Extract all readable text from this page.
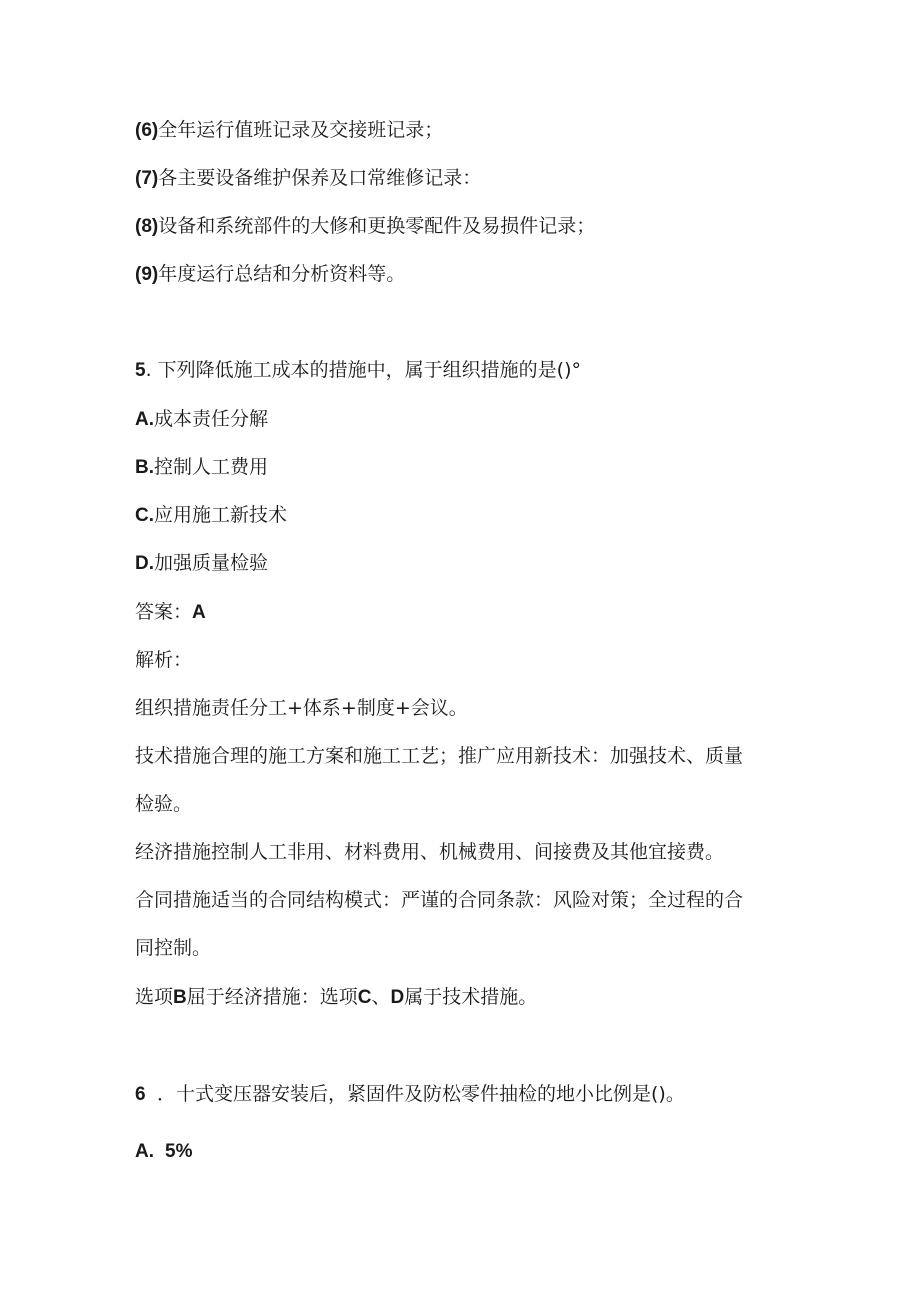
(6)全年运行值班记录及交接班记录；

(7)各主要设备维护保养及口常维修记录：

(8)设备和系统部件的大修和更换零配件及易损件记录；

(9)年度运行总结和分析资料等。

5. 下列降低施工成本的措施中，属于组织措施的是()°

A.成本责任分解

B.控制人工费用

C.应用施工新技术

D.加强质量检验

答案：A

解析：

组织措施责任分工+体系+制度+会议。

技术措施合理的施工方案和施工工艺；推广应用新技术：加强技术、质量

检验。

经济措施控制人工非用、材料费用、机械费用、间接费及其他宜接费。

合同措施适当的合同结构模式：严谨的合同条款：风险对策；全过程的合

同控制。

选项B屈于经济措施：选项C、D属于技术措施。

6 ．十式变压器安装后，紧固件及防松零件抽检的地小比例是()。

A. 5%
